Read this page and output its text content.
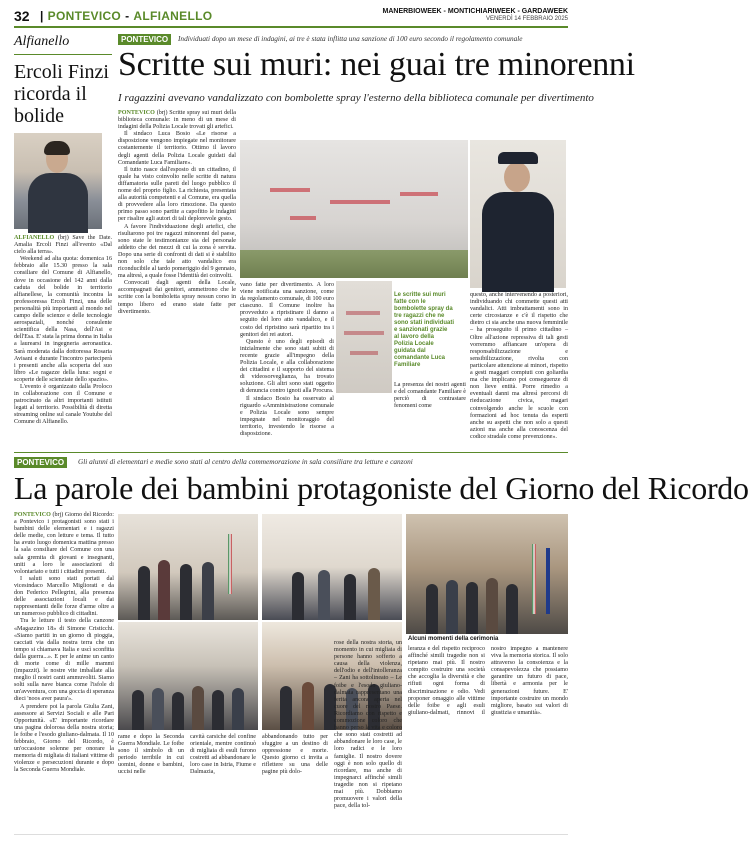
32 | PONTEVICO - ALFIANELLO	MANERBIOWEEK - MONTICHIARIWEEK - GARDAWEEK
VENERDÌ 14 FEBBRAIO 2025
Alfianello
Ercoli Finzi ricorda il bolide

ALFIANELLO (brj) Save the Date. Amalia Ercoli Finzi all'evento «Dal cielo alla terra».

Weekend ad alta quota: domenica 16 febbraio alle 15.30 presso la sala consiliare del Comune di Alfianello, dove in occasione del 142 anni dalla caduta del bolide in territorio alfianellese, la comunità incontra la professoressa Ercoli Finzi, una delle personalità più importanti al mondo nel campo delle scienze e delle tecnologie aerospaziali, nonché consulente scientifica della Nasa, dell'Asi e dell'Esa. E' stata la prima donna in Italia a laurearsi in ingegneria aeronautica. Sarà moderata dalla dottoressa Rosaria Avisani e durante l'incontro parteciperà i presenti anche alla scoperta del suo libro «Le ragazze della luna: sogni e scoperte delle scienziate dello spazio».

L'evento è organizzato dalla Proloco in collaborazione con il Comune e patrocinato da altri importanti istituti legati al territorio. Possibilità di diretta streaming online sul canale Youtube del Comune di Alfianello.

PONTEVICO	Individuati dopo un mese di indagini, ai tre è stata inflitta una sanzione di 100 euro secondo il regolamento comunale
Scritte sui muri: nei guai tre minorenni
I ragazzini avevano vandalizzato con bombolette spray l'esterno della biblioteca comunale per divertimento

PONTEVICO (brj) Scritte spray sui muri della biblioteca comunale: in meno di un mese di indagini della Polizia Locale trovati gli artefici.

Il sindaco Luca Bosio «Le risorse a disposizione vengono impiegate nel monitorare costantemente il territorio. Ottimo il lavoro degli agenti della Polizia Locale guidati dal Comandante Luca Familiare».

Il tutto nasce dall'esposto di un cittadino, il quale ha visto coinvolto nelle scritte di natura diffamatoria sulle pareti del luogo pubblico il nome del proprio figlio. La richiesta, presentata alla autorità competenti e al Comune, era quella di provvedere alla loro rimozione. Da questo primo passo sono partite a capofitto le indagini per risalire agli autori di tali deplorevole gesto.

A favore l'individuazione degli artefici, che risultarono poi tre ragazzi minorenni del paese, sono state le testimonianze sia del personale addetto che dei mezzi di cui la zona è servita. Dopo una serie di confronti di dati si è stabilito non solo che tale atto vandalico era riconducibile al tardo pomeriggio del 9 gennaio, ma altresì, a quale fosse l'identità dei coinvolti.

Convocati dagli agenti della Locale, accompagnati dai genitori, ammettrono che le scritte con la bomboletta spray nessun corso in tempo libero ed erano state fatte per divertimento.

vano fatte per divertimento. A loro viene notificata una sanzione, come da regolamento comunale, di 100 euro ciascuno. Il Comune inoltre ha provveduto a ripristinare il danno a seguito del loro atto vandalico, e il costo del ripristino sarà ripartito tra i genitori dei rei autori.

Questo è uno degli episodi di inizialmente che sono stati subiti di recente grazie all'impegno della Polizia Locale, e alla collaborazione dei cittadini e il supporto del sistema di videosorveglianza, ha trovato soluzione. Gli altri sono stati oggetto di denuncia contro ignoti alla Procura.

Il sindaco Bosio ha osservato al riguardo «Amministrazione comunale e Polizia Locale sono sempre impegnate nel monitoraggio del territorio, investendo le risorse a disposizione.

Le scritte sui muri fatte con le bombolette spray da tre ragazzi che ne sono stati individuati e sanzionati grazie al lavoro della Polizia Locale guidata dal comandante Luca Familiare

La presenza dei nostri agenti e del comandante Familiare è perciò di contrastare fenomeni come

questo, anche intervenendo a posteriori, individuando chi commette questi atti vandalici. Atti imbrattamenti sono in certe circostanze e c'è il rispetto che dietro ci sia anche una nuova femminile – ha proseguito il primo cittadino – Oltre all'azione repressiva di tali gesti vorremmo affiancare un'opera di responsabilizzazione e sensibilizzazione, rivolta con particolare attenzione ai minori, rispetto a gesti maggari compiuti con goliardia ma che implicano poi conseguenze di non lieve entità. Porre rimedio a eventuali danni ma altresì percorsi di rieducazione civica, magari coinvolgendo anche le scuole con formazioni ad hoc tenuta da esperti anche su aspetti che non solo a questi azioni ma anche alla conoscenza del codice stradale come prevenzione».

PONTEVICO	Gli alunni di elementari e medie sono stati al centro della commemorazione in sala consiliare tra letture e canzoni
La parole dei bambini protagoniste del Giorno del Ricordo

PONTEVICO (brj) Giorno del Ricordo: a Pontevico i protagonisti sono stati i bambini delle elementari e i ragazzi delle medie, con letture e tema. Il tutto ha avuto luogo domenica mattina presso la sala consiliare del Comune con una sala gremita di giovani e insegnanti, uniti a loro le associazioni di volontariato e tutti i cittadini presenti.

I saluti sono stati portati dal vicesindaco Marcello Migliorati e da don Federico Pellegrini, alla presenza delle associazioni locali e dai rappresentanti delle forze d'arme oltre a un numeroso pubblico di cittadini.

Tra le letture il testo della canzone «Magazzino 18» di Simone Cristicchi. «Siamo partiti in un giorno di pioggia, cacciati via dalla nostra terra che un tempo si chiamava Italia e uscì sconfitta dalla guerra...». E per le anime un canto di morte come di mille mammi (impazzit). le nostre vite imballate alla meglio il nostri canti ammuvoliti. Siamo solti sulla nave bianca come l'isfole di un'avventura, con una goccia di speranza dieci 'noos aver paura'».

A prendere poi la parola Giulia Zani, assessore ai Servizi Sociali e alle Pari Opportunità. «E' importante ricordare una pagina dolorosa della nostra storia; le foibe e l'esodo giuliano-dalmata. Il 10 febbraio, Giorno del Ricordo, è un'occasione solenne per onorare la memoria di migliaia di italiani vittime di violenze e persecuzioni durante e dopo la Seconda Guerra Mondiale.

Alcuni momenti della cerimonia

rame e dopo la Seconda Guerra Mondiale. Le foibe sono il simbolo di un periodo terribile in cui uomini, donne e bambini, uccisi nelle

cavità carsiche del confine orientale, mentre continuò di migliaia di esuli furono costretti ad abbandonare le loro case in Istria, Fiume e Dalmazia,

abbandonando tutto per sfuggire a un destino di oppressione e morte. Questo giorno ci invita a riflettere su una delle pagine più dolo-

rose della nostra storia, un momento in cui migliaia di persone hanno sofferto a causa della violenza, dell'odio e dell'intolleranza – Zani ha sottolineato – Le foibe e l'esodo giuliano-dalmata rappresentano una ferita ancora aperta nel cuore del nostro Paese. Ricordiamo con rispetto e commozione coloro che hanno perso la vita e coloro che sono stati costretti ad abbandonare le loro case, le loro radici e le loro famiglie. Il nostro dovere oggi è non solo quello di ricordare, ma anche di impegnarci affinché simili tragedie non si ripetano mai più. Dobbiamo promuovere i valori della pace, della tol-

leranza e del rispetto reciproco affinché simili tragedie non si ripetano mai più. Il nostro compito costruire una società che accoglia la diversità e che rifiuti ogni forma di discriminazione e odio. Vedi proponer omaggio alle vittime delle foibe e agli esuli giuliano-dalmati, rinnovi il nostro impegno a mantenere viva la memoria storica. Il solo attraverso la consoienza e la consapevolezza che possiamo garantire un futuro di pace, libertà e armonia per le generazioni future. E' importante costruire un mondo migliore, basato sui valori di giustizia e umanità».
